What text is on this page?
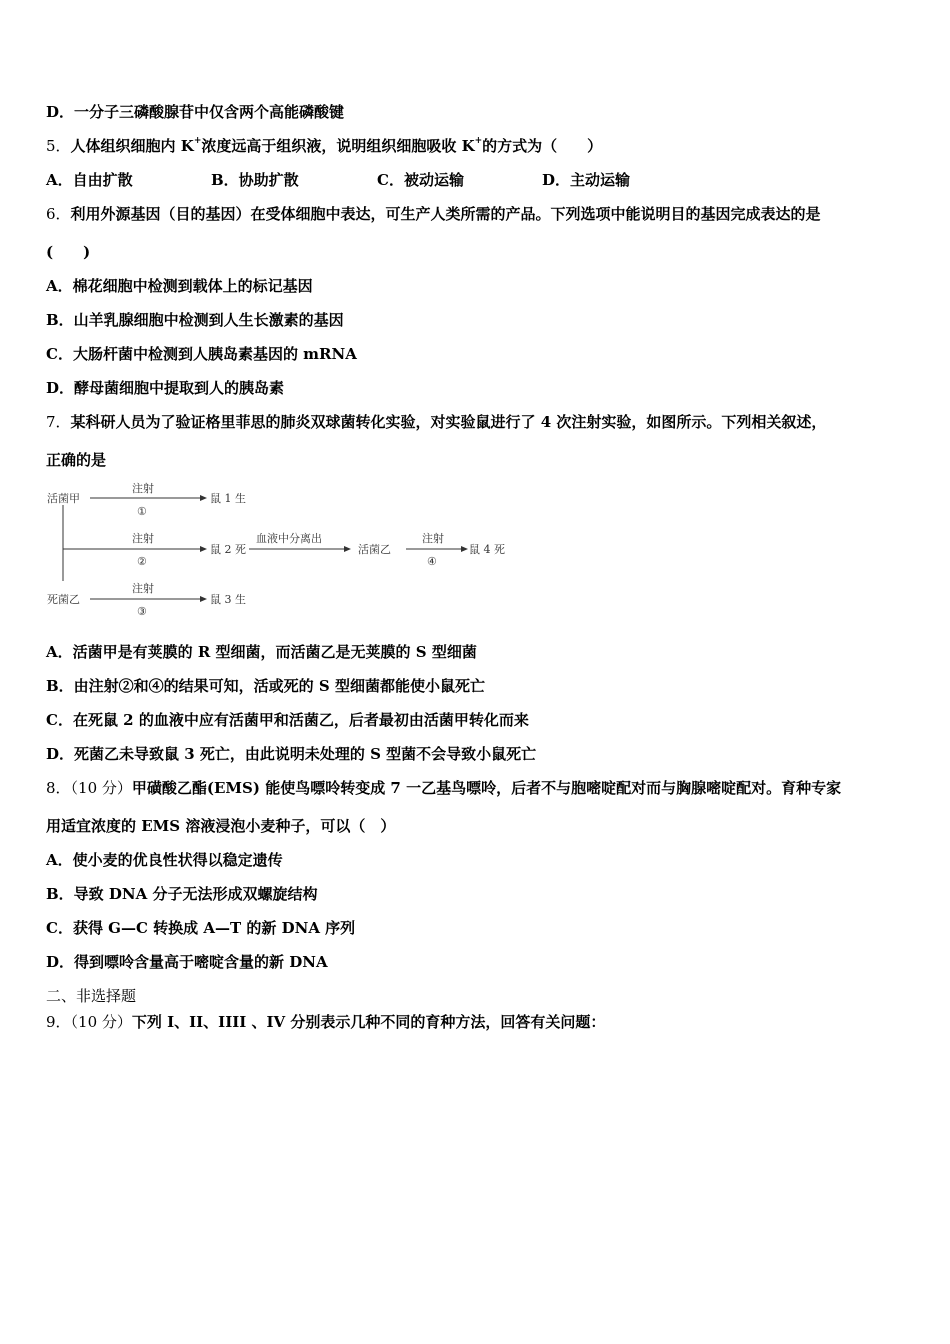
D．一分子三磷酸腺苷中仅含两个高能磷酸键
5．人体组织细胞内 K+浓度远高于组织液，说明组织细胞吸收 K+的方式为（　　）
A．自由扩散	B．协助扩散	C．被动运输	D．主动运输
6．利用外源基因（目的基因）在受体细胞中表达，可生产人类所需的产品。下列选项中能说明目的基因完成表达的是
(　　)
A．棉花细胞中检测到载体上的标记基因
B．山羊乳腺细胞中检测到人生长激素的基因
C．大肠杆菌中检测到人胰岛素基因的 mRNA
D．酵母菌细胞中提取到人的胰岛素
7．某科研人员为了验证格里菲思的肺炎双球菌转化实验，对实验鼠进行了 4 次注射实验，如图所示。下列相关叙述，
正确的是
活菌甲
注射
①
鼠 1 生
注射
②
鼠 2 死
血液中分离出
活菌乙
注射
④
鼠 4 死
死菌乙
注射
③
鼠 3 生
A．活菌甲是有荚膜的 R 型细菌，而活菌乙是无荚膜的 S 型细菌
B．由注射②和④的结果可知，活或死的 S 型细菌都能使小鼠死亡
C．在死鼠 2 的血液中应有活菌甲和活菌乙，后者最初由活菌甲转化而来
D．死菌乙未导致鼠 3 死亡，由此说明未处理的 S 型菌不会导致小鼠死亡
8．（10 分）甲磺酸乙酯(EMS) 能使鸟嘌呤转变成 7 一乙基鸟嘌呤，后者不与胞嘧啶配对而与胸腺嘧啶配对。育种专家
用适宜浓度的 EMS 溶液浸泡小麦种子，可以（　）
A．使小麦的优良性状得以稳定遗传
B．导致 DNA 分子无法形成双螺旋结构
C．获得 G—C 转换成 A—T 的新 DNA 序列
D．得到嘌呤含量高于嘧啶含量的新 DNA
二、非选择题
9．（10 分）下列 I、II、IIII 、IV 分别表示几种不同的育种方法，回答有关问题：
